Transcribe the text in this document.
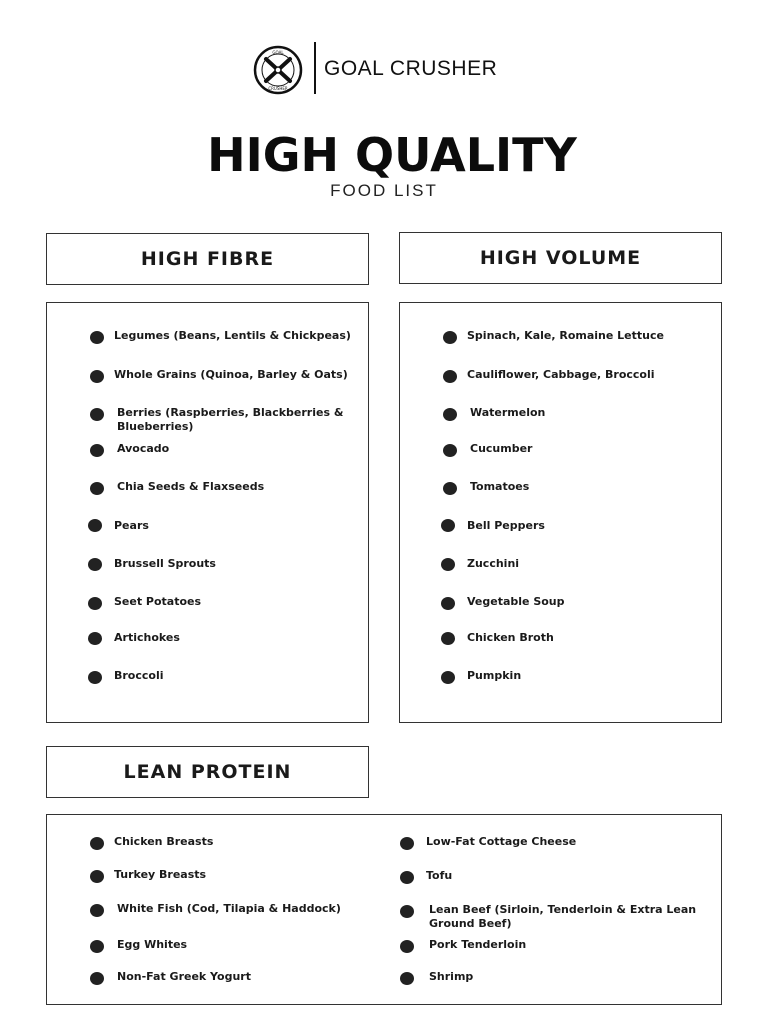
GOAL
CRUSHER
GOAL CRUSHER
HIGH QUALITY
FOOD LIST
HIGH FIBRE	HIGH VOLUME
Legumes (Beans, Lentils & Chickpeas)
Whole Grains (Quinoa, Barley & Oats)
Berries (Raspberries, Blackberries & Blueberries)
Avocado
Chia Seeds & Flaxseeds
Pears
Brussell Sprouts
Seet Potatoes
Artichokes
Broccoli
Spinach, Kale, Romaine Lettuce
Cauliflower, Cabbage, Broccoli
Watermelon
Cucumber
Tomatoes
Bell Peppers
Zucchini
Vegetable Soup
Chicken Broth
Pumpkin
LEAN PROTEIN
Chicken Breasts
Turkey Breasts
White Fish (Cod, Tilapia & Haddock)
Egg Whites
Non-Fat Greek Yogurt
Low-Fat Cottage Cheese
Tofu
Lean Beef (Sirloin, Tenderloin & Extra Lean Ground Beef)
Pork Tenderloin
Shrimp
